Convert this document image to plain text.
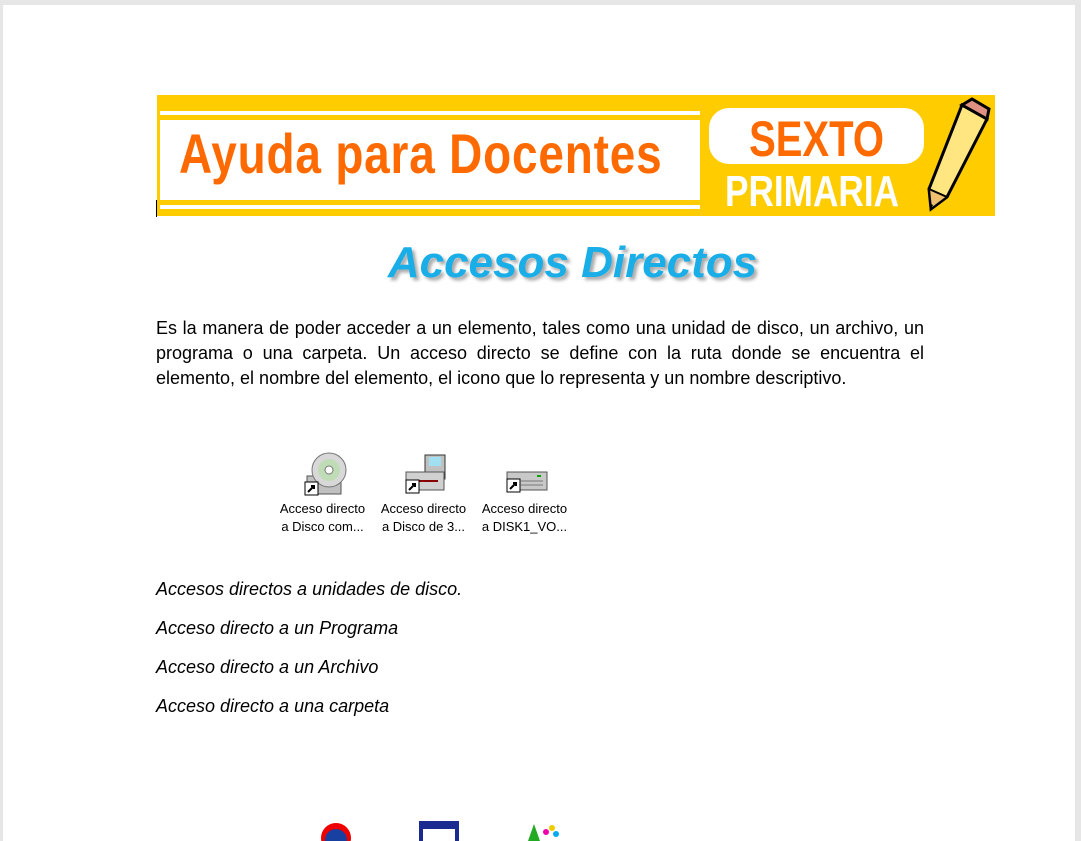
Ayuda para Docentes	SEXTO
PRIMARIA
Accesos Directos

Es la manera de poder acceder a un elemento, tales como una unidad de disco, un archivo, un programa o una carpeta. Un acceso directo se define con la ruta donde se encuentra el elemento, el nombre del elemento, el icono que lo representa y un nombre descriptivo.

Acceso directo
a Disco com...
Acceso directo
a Disco de 3...
Acceso directo
a DISK1_VO...
Accesos directos a unidades de disco.
Acceso directo a un Programa
Acceso directo a un Archivo
Acceso directo a una carpeta
